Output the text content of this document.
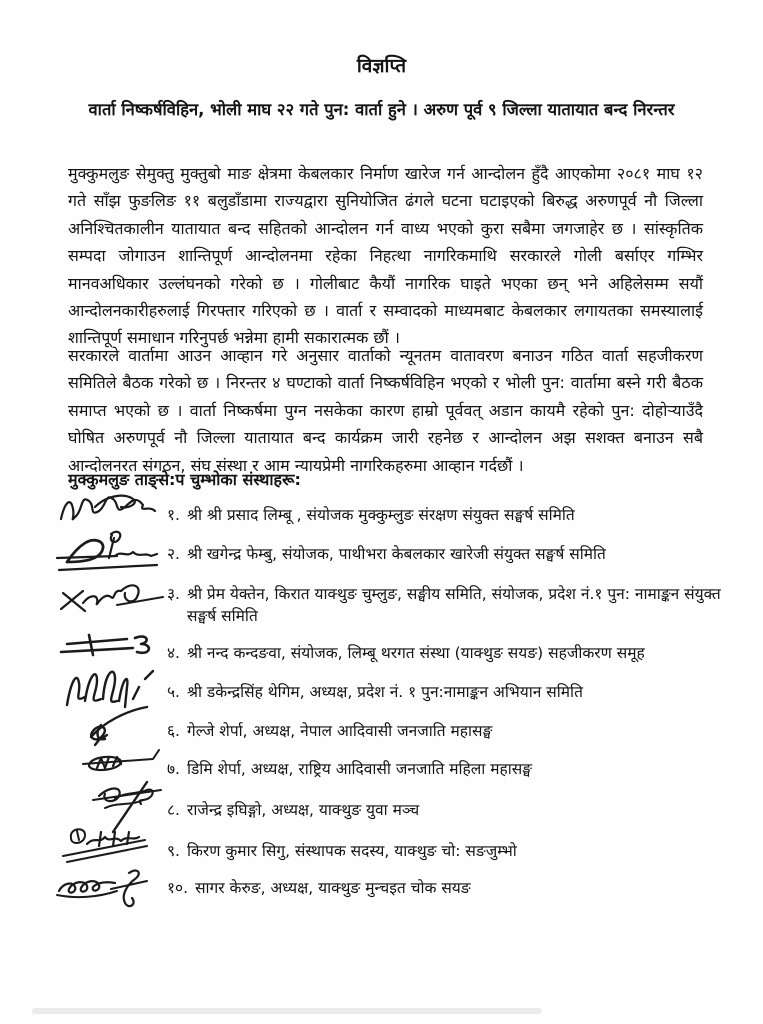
विज्ञप्ति
वार्ता निष्कर्षविहिन, भोली माघ २२ गते पुन: वार्ता हुने । अरुण पूर्व ९ जिल्ला यातायात बन्द निरन्तर
मुक्कुमलुङ सेमुक्तु मुक्तुबो माङ क्षेत्रमा केबलकार निर्माण खारेज गर्न आन्दोलन हुँदै आएकोमा २०८१ माघ १२ गते साँझ फुङलिङ ११ बलुडाँडामा राज्यद्वारा सुनियोजित ढंगले घटना घटाइएको बिरुद्ध अरुणपूर्व नौ जिल्ला अनिश्चितकालीन यातायात बन्द सहितको आन्दोलन गर्न वाध्य भएको कुरा सबैमा जगजाहेर छ । सांस्कृतिक सम्पदा जोगाउन शान्तिपूर्ण आन्दोलनमा रहेका निहत्था नागरिकमाथि सरकारले गोली बर्साएर गम्भिर मानवअधिकार उल्लंघनको गरेको छ । गोलीबाट कैयौं नागरिक घाइते भएका छन् भने अहिलेसम्म सयौं आन्दोलनकारीहरुलाई गिरफ्तार गरिएको छ । वार्ता र सम्वादको माध्यमबाट केबलकार लगायतका समस्यालाई शान्तिपूर्ण समाधान गरिनुपर्छ भन्नेमा हामी सकारात्मक छौं ।
सरकारले वार्तामा आउन आव्हान गरे अनुसार वार्ताको न्यूनतम वातावरण बनाउन गठित वार्ता सहजीकरण समितिले बैठक गरेको छ । निरन्तर ४ घण्टाको वार्ता निष्कर्षविहिन भएको र भोली पुन: वार्तामा बस्ने गरी बैठक समाप्त भएको छ । वार्ता निष्कर्षमा पुग्न नसकेका कारण हाम्रो पूर्ववत् अडान कायमै रहेको पुन: दोहोऱ्याउँदै घोषित अरुणपूर्व नौ जिल्ला यातायात बन्द कार्यक्रम जारी रहनेछ र आन्दोलन अझ सशक्त बनाउन सबै आन्दोलनरत संगठन, संघ संस्था र आम न्यायप्रेमी नागरिकहरुमा आव्हान गर्दछौं ।
मुक्कुमलुङ ताङ्से:प चुम्भोका संस्थाहरू:
१. श्री श्री प्रसाद लिम्बू , संयोजक मुक्कुम्लुङ संरक्षण संयुक्त सङ्घर्ष समिति
२. श्री खगेन्द्र फेम्बु, संयोजक, पाथीभरा केबलकार खारेजी संयुक्त सङ्घर्ष समिति
३. श्री प्रेम येक्तेन, किरात याक्थुङ चुम्लुङ, सङ्घीय समिति, संयोजक, प्रदेश नं.१ पुन: नामाङ्कन संयुक्त सङ्घर्ष समिति
४. श्री नन्द कन्दङवा, संयोजक, लिम्बू थरगत संस्था (याक्थुङ सयङ) सहजीकरण समूह
५. श्री डकेन्द्रसिंह थेगिम, अध्यक्ष, प्रदेश नं. १ पुन:नामाङ्कन अभियान समिति
६. गेल्जे शेर्पा, अध्यक्ष, नेपाल आदिवासी जनजाति महासङ्घ
७. डिमि शेर्पा, अध्यक्ष, राष्ट्रिय आदिवासी जनजाति महिला महासङ्घ
८. राजेन्द्र इघिङ्गो, अध्यक्ष, याक्थुङ युवा मञ्च
९. किरण कुमार सिगु, संस्थापक सदस्य, याक्थुङ चो: सङजुम्भो
१०. सागर केरुङ, अध्यक्ष, याक्थुङ मुन्चइत चोक सयङ
